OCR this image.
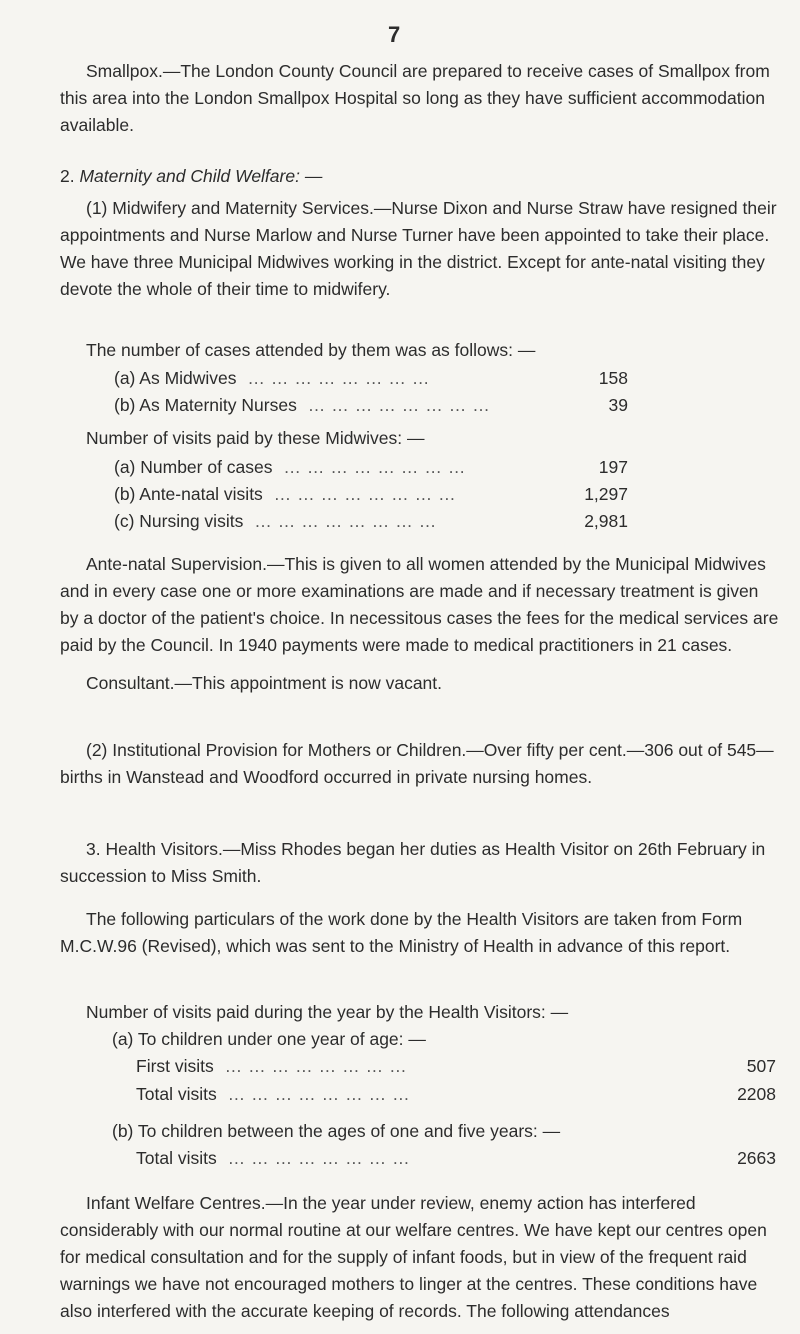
7

Smallpox.—The London County Council are prepared to receive cases of Smallpox from this area into the London Smallpox Hospital so long as they have sufficient accommodation available.

2. Maternity and Child Welfare: —

(1) Midwifery and Maternity Services.—Nurse Dixon and Nurse Straw have resigned their appointments and Nurse Marlow and Nurse Turner have been appointed to take their place. We have three Municipal Midwives working in the district. Except for ante-natal visiting they devote the whole of their time to midwifery.

The number of cases attended by them was as follows: —
(a) As Midwives ……………………	158
(b) As Maternity Nurses ……………………	39
Number of visits paid by these Midwives: —
(a) Number of cases ……………………	197
(b) Ante-natal visits ……………………	1,297
(c) Nursing visits ……………………	2,981

Ante-natal Supervision.—This is given to all women attended by the Municipal Midwives and in every case one or more examinations are made and if necessary treatment is given by a doctor of the patient's choice. In necessitous cases the fees for the medical services are paid by the Council. In 1940 payments were made to medical practitioners in 21 cases.

Consultant.—This appointment is now vacant.

(2) Institutional Provision for Mothers or Children.—Over fifty per cent.—306 out of 545—births in Wanstead and Woodford occurred in private nursing homes.

3. Health Visitors.—Miss Rhodes began her duties as Health Visitor on 26th February in succession to Miss Smith.

The following particulars of the work done by the Health Visitors are taken from Form M.C.W.96 (Revised), which was sent to the Ministry of Health in advance of this report.

Number of visits paid during the year by the Health Visitors: —
(a) To children under one year of age: —
First visits ……………………	507
Total visits ……………………	2208
(b) To children between the ages of one and five years: —
Total visits ……………………	2663

Infant Welfare Centres.—In the year under review, enemy action has interfered considerably with our normal routine at our welfare centres. We have kept our centres open for medical consultation and for the supply of infant foods, but in view of the frequent raid warnings we have not encouraged mothers to linger at the centres. These conditions have also interfered with the accurate keeping of records. The following attendances
